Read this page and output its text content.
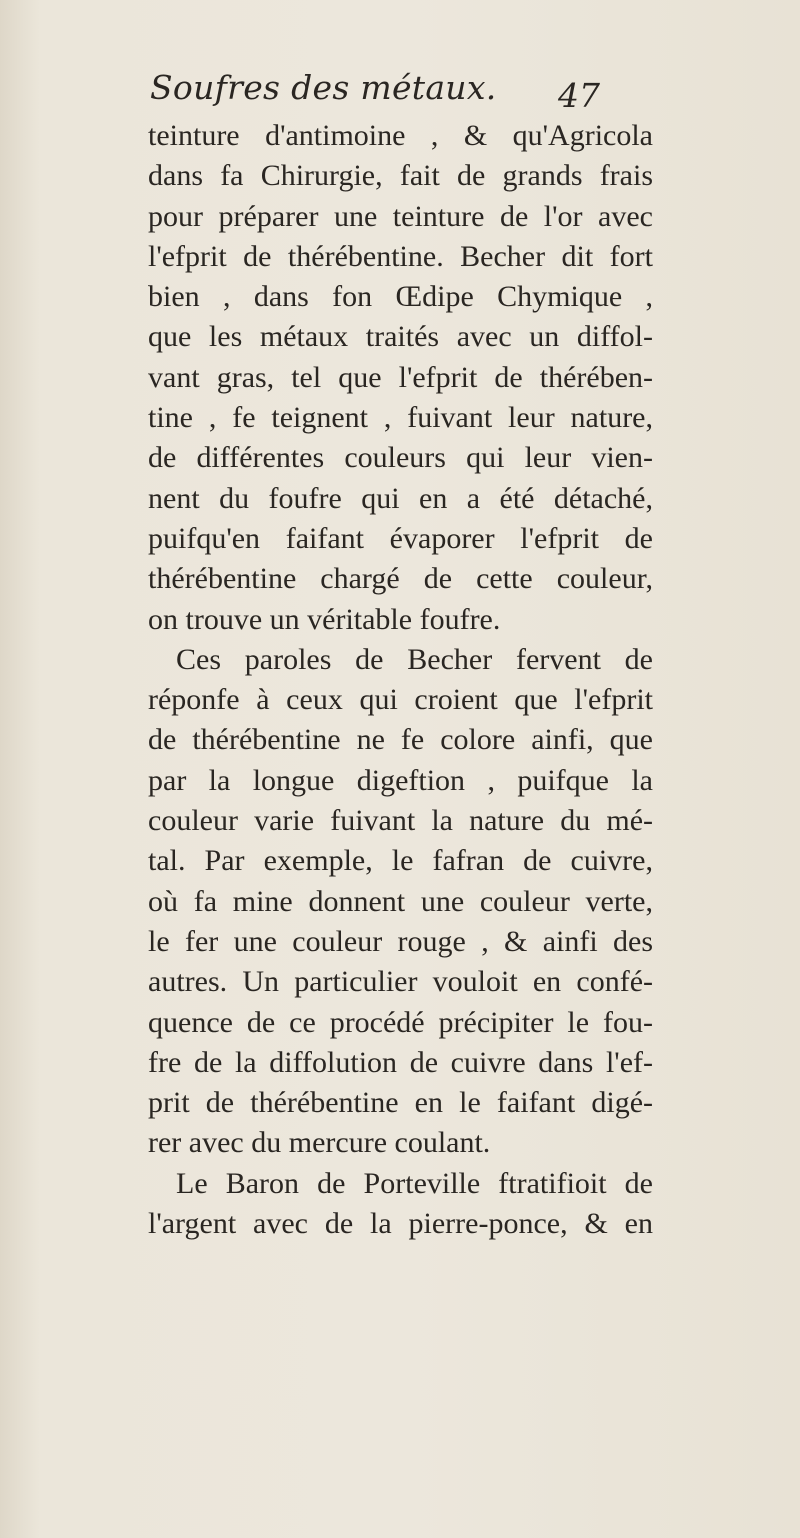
Soufres des métaux. 47
teinture d'antimoine , & qu'Agricola
dans fa Chirurgie, fait de grands frais
pour préparer une teinture de l'or avec
l'efprit de thérébentine. Becher dit fort
bien , dans fon Œdipe Chymique ,
que les métaux traités avec un diffol-
vant gras, tel que l'efprit de thérében-
tine , fe teignent , fuivant leur nature,
de différentes couleurs qui leur vien-
nent du foufre qui en a été détaché,
puifqu'en faifant évaporer l'efprit de
thérébentine chargé de cette couleur,
on trouve un véritable foufre.
Ces paroles de Becher fervent de
réponfe à ceux qui croient que l'efprit
de thérébentine ne fe colore ainfi, que
par la longue digeftion , puifque la
couleur varie fuivant la nature du mé-
tal. Par exemple, le fafran de cuivre,
où fa mine donnent une couleur verte,
le fer une couleur rouge , & ainfi des
autres. Un particulier vouloit en confé-
quence de ce procédé précipiter le fou-
fre de la diffolution de cuivre dans l'ef-
prit de thérébentine en le faifant digé-
rer avec du mercure coulant.
Le Baron de Porteville ftratifioit de
l'argent avec de la pierre-ponce, & en
